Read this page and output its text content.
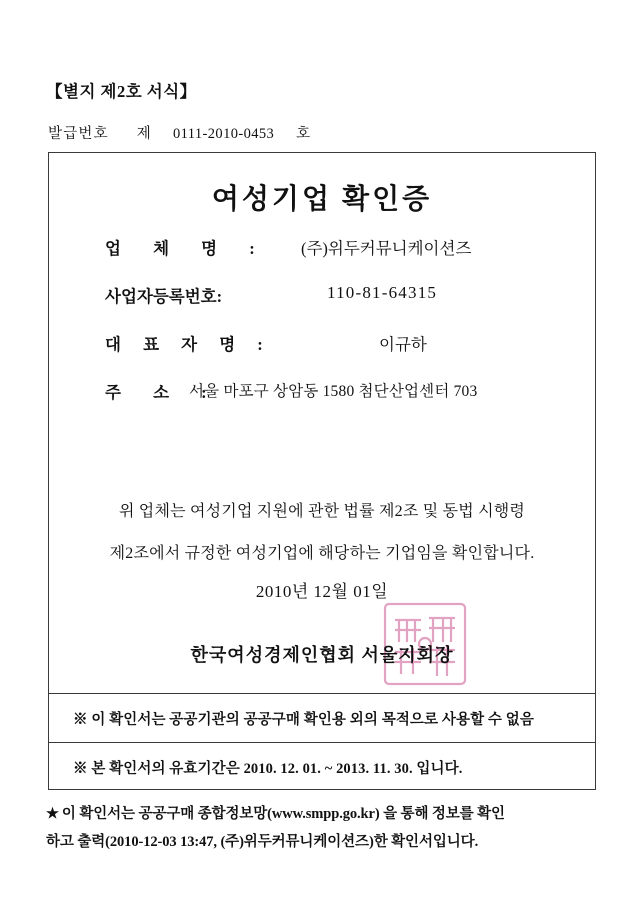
【별지 제2호 서식】
발급번호 제 0111-2010-0453 호
여성기업 확인증
업 체 명 : (주)위두커뮤니케이션즈
사업자등록번호:	110-81-64315
대 표 자 명 :	이규하
주 소 :
서울 마포구 상암동 1580 첨단산업센터 703
위 업체는 여성기업 지원에 관한 법률 제2조 및 동법 시행령
제2조에서 규정한 여성기업에 해당하는 기업임을 확인합니다.
2010년 12월 01일
한국여성경제인협회 서울지회장
※ 이 확인서는 공공기관의 공공구매 확인용 외의 목적으로 사용할 수 없음
※ 본 확인서의 유효기간은 2010. 12. 01. ~ 2013. 11. 30. 입니다.
★ 이 확인서는 공공구매 종합정보망(www.smpp.go.kr) 을 통해 정보를 확인
하고 출력(2010-12-03 13:47, (주)위두커뮤니케이션즈)한 확인서입니다.
